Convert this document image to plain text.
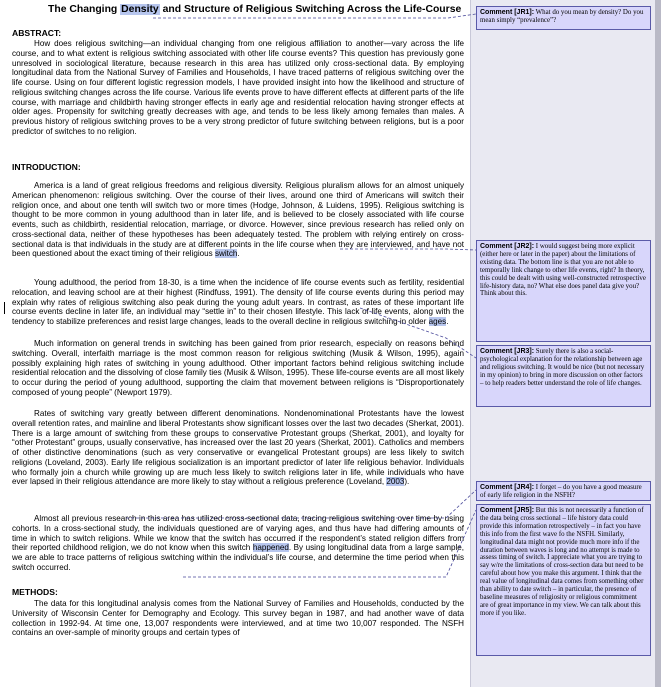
The Changing Density and Structure of Religious Switching Across the Life-Course
ABSTRACT:
How does religious switching—an individual changing from one religious affiliation to another—vary across the life course, and to what extent is religious switching associated with other life course events? This question has previously gone unresolved in sociological literature, because research in this area has utilized only cross-sectional data. By employing longitudinal data from the National Survey of Families and Households, I have traced patterns of religious switching over the life course. Using on four different logistic regression models, I have provided insight into how the likelihood and structure of religious switching changes across the life course. Various life events prove to have different effects at different parts of the life course, with marriage and childbirth having stronger effects in early age and residential relocation having stronger effects at older ages. Propensity for switching greatly decreases with age, and tends to be less likely among females than males. A previous history of religious switching proves to be a very strong predictor of future switching between religions, but is a poor predictor of switches to no religion.
INTRODUCTION:
America is a land of great religious freedoms and religious diversity. Religious pluralism allows for an almost uniquely American phenomenon: religious switching. Over the course of their lives, around one third of Americans will switch their religion once, and about one tenth will switch two or more times (Hodge, Johnson, & Luidens, 1995). Religious switching is thought to be more common in young adulthood than in later life, and is believed to be closely associated with life course events, such as childbirth, residential relocation, marriage, or divorce. However, since previous research has relied only on cross-sectional data, neither of these hypotheses has been adequately tested. The problem with relying entirely on cross-sectional data is that individuals in the study are at different points in the life course when they are interviewed, and have not been questioned about the exact timing of their religious switch.
Young adulthood, the period from 18-30, is a time when the incidence of life course events such as fertility, residential relocation, and leaving school are at their highest (Rindfuss, 1991). The density of life course events during this period may explain why rates of religious switching also peak during the young adult years. In contrast, as rates of these important life course events decline in later life, an individual may “settle in” to their chosen lifestyle. This lack of life events, along with the tendency to stabilize preferences and resist large changes, leads to the overall decline in religious switching in older ages.
Much information on general trends in switching has been gained from prior research, especially on reasons behind switching. Overall, interfaith marriage is the most common reason for religious switching (Musik & Wilson, 1995), again possibly explaining high rates of switching in young adulthood. Other important factors behind religious switching include residential relocation and the dissolving of close family ties (Musik & Wilson, 1995). These life-course events are all most likely to occur during the period of young adulthood, supporting the claim that movement between religions is “Disproportionately composed of young people” (Newport 1979).
Rates of switching vary greatly between different denominations. Nondenominational Protestants have the lowest overall retention rates, and mainline and liberal Protestants show significant losses over the last two decades (Sherkat, 2001). There is a large amount of switching from these groups to conservative Protestant groups (Sherkat, 2001), and loyalty for “other Protestant” groups, usually conservative, has increased over the last 20 years (Sherkat, 2001). Catholics and members of other distinctive denominations (such as very conservative or evangelical Protestant groups) are less likely to switch religions (Loveland, 2003). Early life religious socialization is an important predictor of later life religious behavior. Individuals who formally join a church while growing up are much less likely to switch religions later in life, while individuals who have ever lapsed in their religious attendance are more likely to stay without a religious preference (Loveland, 2003).
Almost all previous research in this area has utilized cross-sectional data, tracing religious switching over time by using cohorts. In a cross-sectional study, the individuals questioned are of varying ages, and thus have had differing amounts of time in which to switch religions. While we know that the switch has occurred if the respondent’s stated religion differs from their reported childhood religion, we do not know when this switch happened. By using longitudinal data from a large sample, we are able to trace patterns of religious switching within the individual’s life course, and determine the time period when this switch occurred.
METHODS:
The data for this longitudinal analysis comes from the National Survey of Families and Households, conducted by the University of Wisconsin Center for Demography and Ecology. This survey began in 1987, and had another wave of data collection in 1992-94. At time one, 13,007 respondents were interviewed, and at time two 10,007 responded. The NSFH contains an over-sample of minority groups and certain types of
Comment [JR1]: What do you mean by density? Do you mean simply “prevalence”?
Comment [JR2]: I would suggest being more explicit (either here or later in the paper) about the limitations of existing data. The bottom line is that you are not able to temporally link change to other life events, right? In theory, this could be dealt with using well-constructed retrospective life-history data, no? What else does panel data give you? Think about this.
Comment [JR3]: Surely there is also a social-psychological explanation for the relationship between age and religious switching. It would be nice (but not necessary in my opinion) to bring in more discussion on other factors – to help readers better understand the role of life changes.
Comment [JR4]: I forget – do you have a good measure of early life religion in the NSFH?
Comment [JR5]: But this is not necessarily a function of the data being cross sectional – life history data could provide this information retrospectively – in fact you have this info from the first wave fo the NSFH. Similarly, longitudinal data might not provide much more info if the duration between waves is long and no attempt is made to assess timing of switch. I appreciate what you are trying to say w/re the limitations of cross-section data but need to be careful about how you make this argument. I think that the real value of longitudinal data comes from something other than ability to date switch – in particular, the presence of baseline measures of religiosity or religious commitment are of great importance in my view. We can talk about this more if you like.
